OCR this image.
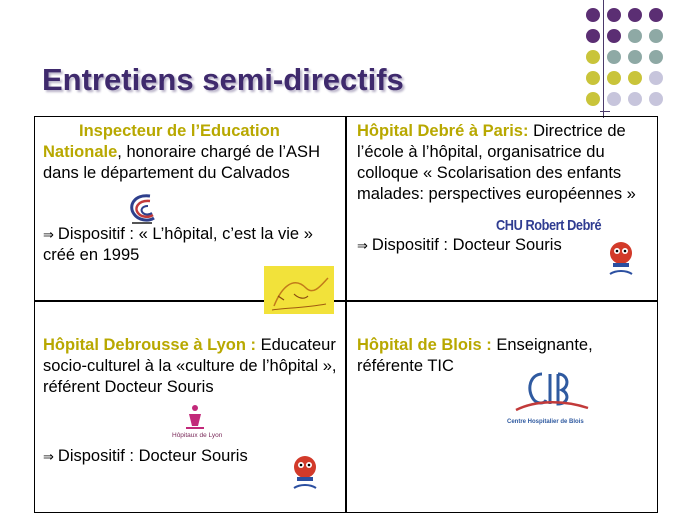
Entretiens semi-directifs

Inspecteur de l’Education Nationale, honoraire chargé de l’ASH dans le département du Calvados

⇒ Dispositif : « L’hôpital, c’est la vie » créé en 1995

Hôpital Debré à Paris: Directrice de l’école à l’hôpital, organisatrice du colloque « Scolarisation des enfants malades: perspectives européennes »

⇒ Dispositif : Docteur Souris

Hôpital Debrousse à Lyon : Educateur socio-culturel à la «culture de l’hôpital », référent Docteur Souris

⇒ Dispositif : Docteur Souris

Hôpital de Blois : Enseignante, référente TIC

CHU Robert Debré
Hôpitaux de Lyon
Centre Hospitalier de Blois
